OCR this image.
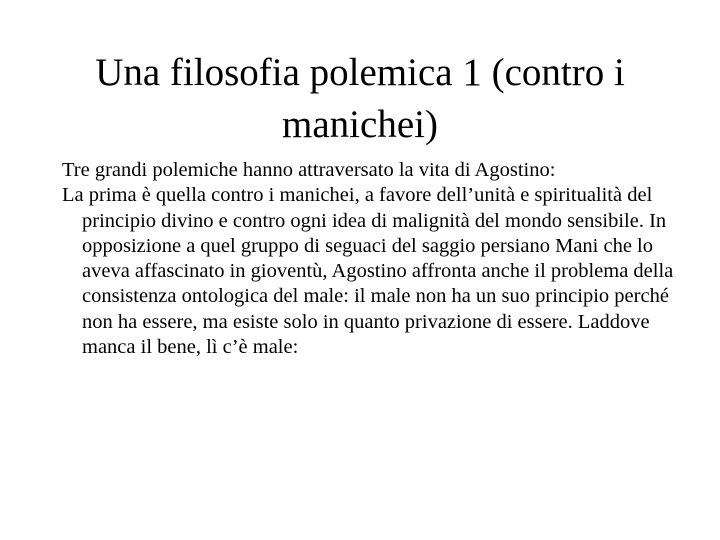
Una filosofia polemica 1 (contro i
manichei)

Tre grandi polemiche hanno attraversato la vita di Agostino:

La prima è quella contro i manichei, a favore dell’unità e spiritualità del principio divino e contro ogni idea di malignità del mondo sensibile. In opposizione a quel gruppo di seguaci del saggio persiano Mani che lo aveva affascinato in gioventù, Agostino affronta anche il problema della consistenza ontologica del male: il male non ha un suo principio perché non ha essere, ma esiste solo in quanto privazione di essere. Laddove manca il bene, lì c’è male:
